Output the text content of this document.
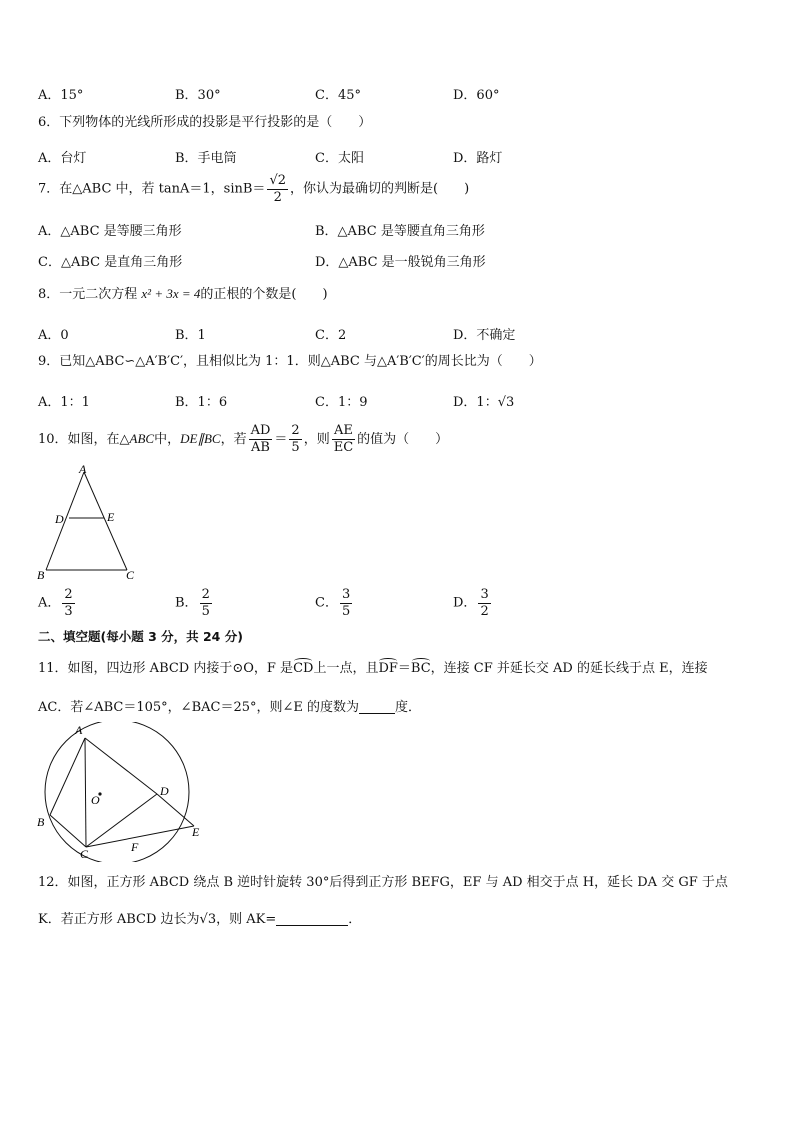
A．15°	B．30°	C．45°	D．60°
6．下列物体的光线所形成的投影是平行投影的是（　　）
A．台灯	B．手电筒	C．太阳	D．路灯
7．在△ABC 中，若 tanA＝1，$\sin B= \frac{√2}{2}$ ，你认为最确切的判断是(　　)
A．△ABC 是等腰三角形	B．△ABC 是等腰直角三角形
C．△ABC 是直角三角形	D．△ABC 是一般锐角三角形
8．一元二次方程 x² + 3x = 4的正根的个数是(　　)
A．0	B．1	C．2	D．不确定
9．已知△ABC∽△A′B′C′，且相似比为 1：1．则△ABC 与△A′B′C′的周长比为（　　）
A．1：1	B．1：6	C．1：9	D．1：√3
10．如图，在△ABC中，DE∥BC，若 $\frac{AD}{AB} = \frac{2}{5}$ ，则 $\frac{AE}{EC}$ 的值为（　　）
A
D	E
B	C
A． $\frac{2}{3}$	B． $\frac{2}{5}$	C． $\frac{3}{5}$	D． $\frac{3}{2}$
二、填空题(每小题 3 分，共 24 分)
11．如图，四边形 ABCD 内接于⊙O，F 是CD上一点，且DF＝BC，连接 CF 并延长交 AD 的延长线于点 E，连接
AC．若∠ABC＝105°，∠BAC＝25°，则∠E 的度数为	度．
A
O
D
B
E
C	F
12．如图，正方形 ABCD 绕点 B 逆时针旋转 30°后得到正方形 BEFG，EF 与 AD 相交于点 H，延长 DA 交 GF 于点
K．若正方形 ABCD 边长为√3，则 AK=	．
